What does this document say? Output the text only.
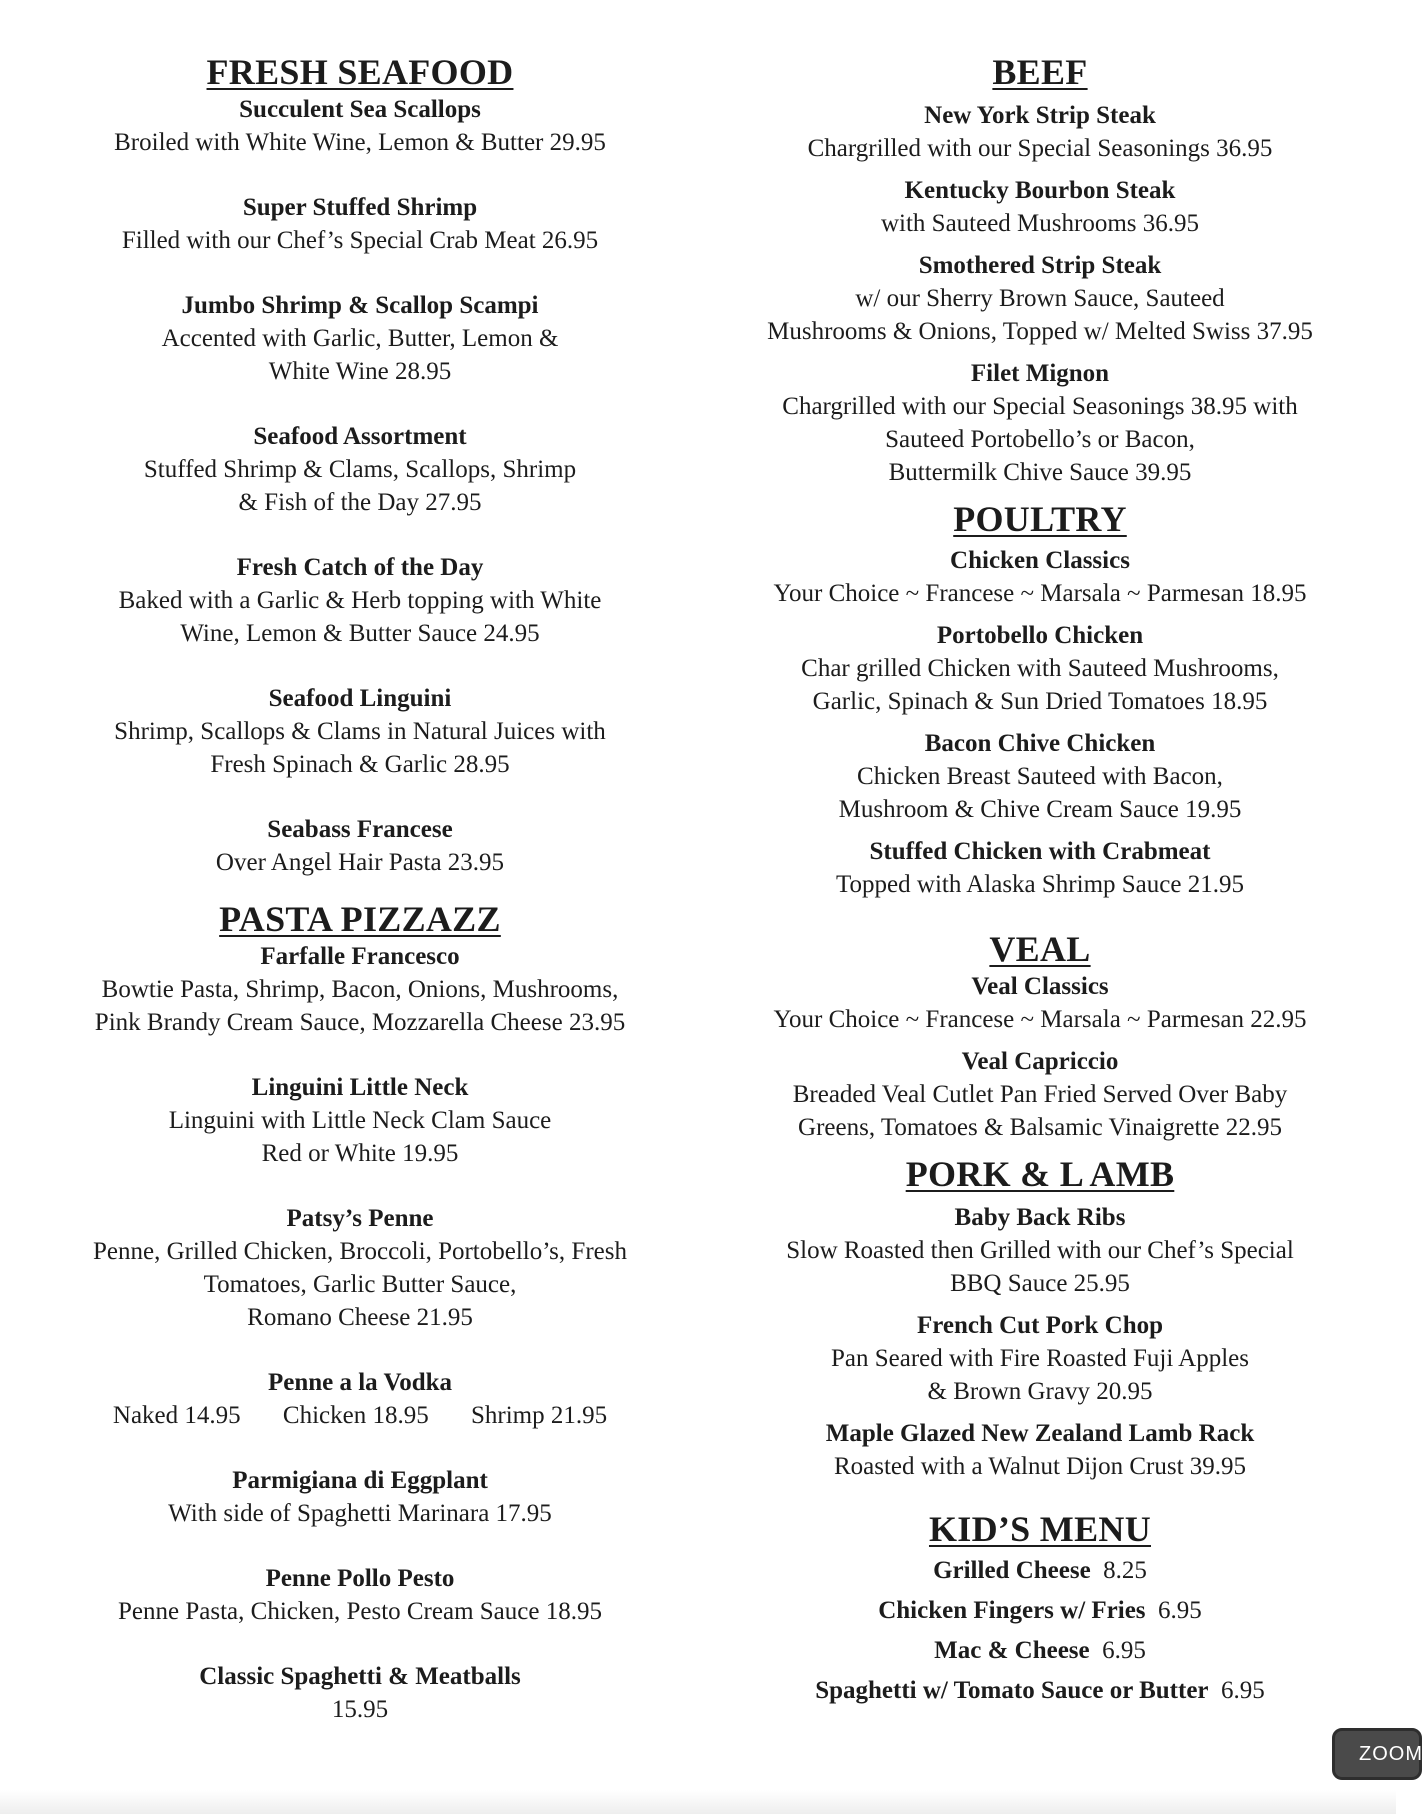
FRESH SEAFOOD
Succulent Sea Scallops
Broiled with White Wine, Lemon & Butter 29.95
Super Stuffed Shrimp
Filled with our Chef’s Special Crab Meat 26.95
Jumbo Shrimp & Scallop Scampi
Accented with Garlic, Butter, Lemon &
White Wine 28.95
Seafood Assortment
Stuffed Shrimp & Clams, Scallops, Shrimp
& Fish of the Day 27.95
Fresh Catch of the Day
Baked with a Garlic & Herb topping with White
Wine, Lemon & Butter Sauce 24.95
Seafood Linguini
Shrimp, Scallops & Clams in Natural Juices with
Fresh Spinach & Garlic 28.95
Seabass Francese
Over Angel Hair Pasta 23.95
PASTA PIZZAZZ
Farfalle Francesco
Bowtie Pasta, Shrimp, Bacon, Onions, Mushrooms,
Pink Brandy Cream Sauce, Mozzarella Cheese 23.95
Linguini Little Neck
Linguini with Little Neck Clam Sauce
Red or White 19.95
Patsy’s Penne
Penne, Grilled Chicken, Broccoli, Portobello’s, Fresh
Tomatoes, Garlic Butter Sauce,
Romano Cheese 21.95
Penne a la Vodka
Naked 14.95 Chicken 18.95 Shrimp 21.95
Parmigiana di Eggplant
With side of Spaghetti Marinara 17.95
Penne Pollo Pesto
Penne Pasta, Chicken, Pesto Cream Sauce 18.95
Classic Spaghetti & Meatballs
15.95
BEEF
New York Strip Steak
Chargrilled with our Special Seasonings 36.95
Kentucky Bourbon Steak
with Sauteed Mushrooms 36.95
Smothered Strip Steak
w/ our Sherry Brown Sauce, Sauteed
Mushrooms & Onions, Topped w/ Melted Swiss 37.95
Filet Mignon
Chargrilled with our Special Seasonings 38.95 with
Sauteed Portobello’s or Bacon,
Buttermilk Chive Sauce 39.95
POULTRY
Chicken Classics
Your Choice ~ Francese ~ Marsala ~ Parmesan 18.95
Portobello Chicken
Char grilled Chicken with Sauteed Mushrooms,
Garlic, Spinach & Sun Dried Tomatoes 18.95
Bacon Chive Chicken
Chicken Breast Sauteed with Bacon,
Mushroom & Chive Cream Sauce 19.95
Stuffed Chicken with Crabmeat
Topped with Alaska Shrimp Sauce 21.95
VEAL
Veal Classics
Your Choice ~ Francese ~ Marsala ~ Parmesan 22.95
Veal Capriccio
Breaded Veal Cutlet Pan Fried Served Over Baby
Greens, Tomatoes & Balsamic Vinaigrette 22.95
PORK & L AMB
Baby Back Ribs
Slow Roasted then Grilled with our Chef’s Special
BBQ Sauce 25.95
French Cut Pork Chop
Pan Seared with Fire Roasted Fuji Apples
& Brown Gravy 20.95
Maple Glazed New Zealand Lamb Rack
Roasted with a Walnut Dijon Crust 39.95
KID’S MENU
Grilled Cheese 8.25
Chicken Fingers w/ Fries 6.95
Mac & Cheese 6.95
Spaghetti w/ Tomato Sauce or Butter 6.95
ZOOM
